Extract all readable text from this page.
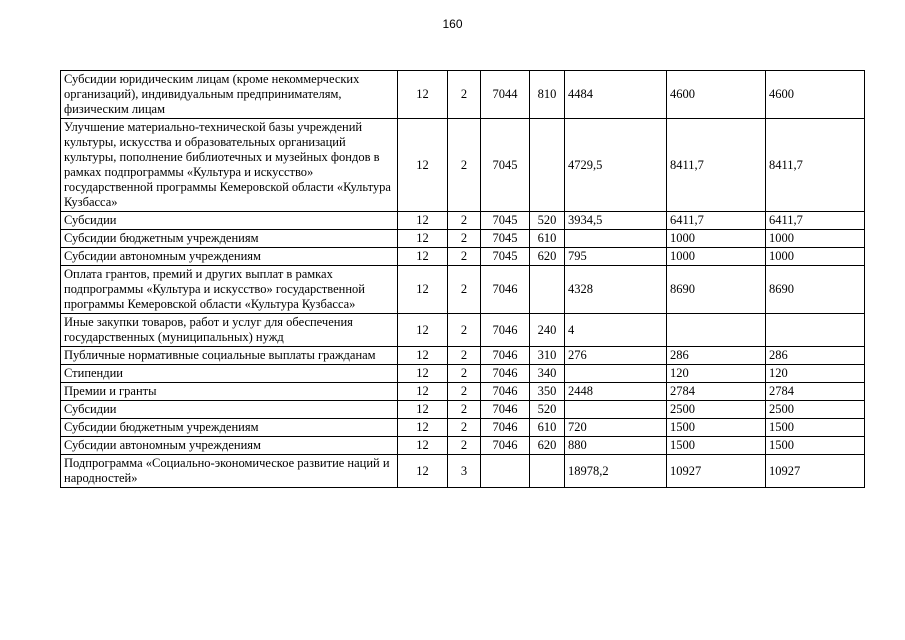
160
Субсидии юридическим лицам (кроме некоммерческих организаций), индивидуальным предпринимателям, физическим лицам	12	2	7044	810	4484	4600	4600
Улучшение материально-технической базы учреждений культуры, искусства и образовательных организаций культуры, пополнение библиотечных и музейных фондов в рамках подпрограммы «Культура и искусство» государственной программы Кемеровской области «Культура Кузбасса»	12	2	7045		4729,5	8411,7	8411,7
Субсидии	12	2	7045	520	3934,5	6411,7	6411,7
Субсидии бюджетным учреждениям	12	2	7045	610		1000	1000
Субсидии автономным учреждениям	12	2	7045	620	795	1000	1000
Оплата грантов, премий и других выплат в рамках подпрограммы «Культура и искусство» государственной программы Кемеровской области «Культура Кузбасса»	12	2	7046		4328	8690	8690
Иные закупки товаров, работ и услуг для обеспечения государственных (муниципальных) нужд	12	2	7046	240	4		
Публичные нормативные социальные выплаты гражданам	12	2	7046	310	276	286	286
Стипендии	12	2	7046	340		120	120
Премии и гранты	12	2	7046	350	2448	2784	2784
Субсидии	12	2	7046	520		2500	2500
Субсидии бюджетным учреждениям	12	2	7046	610	720	1500	1500
Субсидии автономным учреждениям	12	2	7046	620	880	1500	1500
Подпрограмма «Социально-экономическое развитие наций и народностей»	12	3			18978,2	10927	10927
